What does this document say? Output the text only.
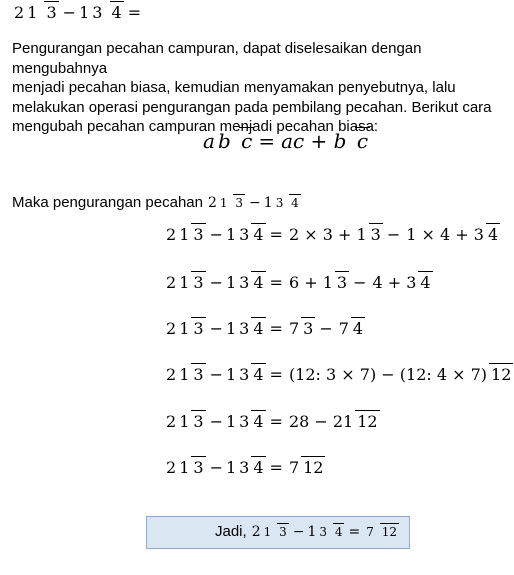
2 1 3 − 1 3 4 =
Pengurangan pecahan campuran, dapat diselesaikan dengan mengubahnya
menjadi pecahan biasa, kemudian menyamakan penyebutnya, lalu
melakukan operasi pengurangan pada pembilang pecahan. Berikut cara
mengubah pecahan campuran menjadi pecahan biasa:
a b c = ac + b c
Maka pengurangan pecahan 2 1 3 − 1 3 4
2 1 3 − 1 3 4 = 2 × 3 + 1 3 − 1 × 4 + 3 4
2 1 3 − 1 3 4 = 6 + 1 3 − 4 + 3 4
2 1 3 − 1 3 4 = 7 3 − 7 4
2 1 3 − 1 3 4 = (12: 3 × 7) − (12: 4 × 7) 12
2 1 3 − 1 3 4 = 28 − 21 12
2 1 3 − 1 3 4 = 7 12
Jadi, 2 1 3 − 1 3 4 = 7 12
